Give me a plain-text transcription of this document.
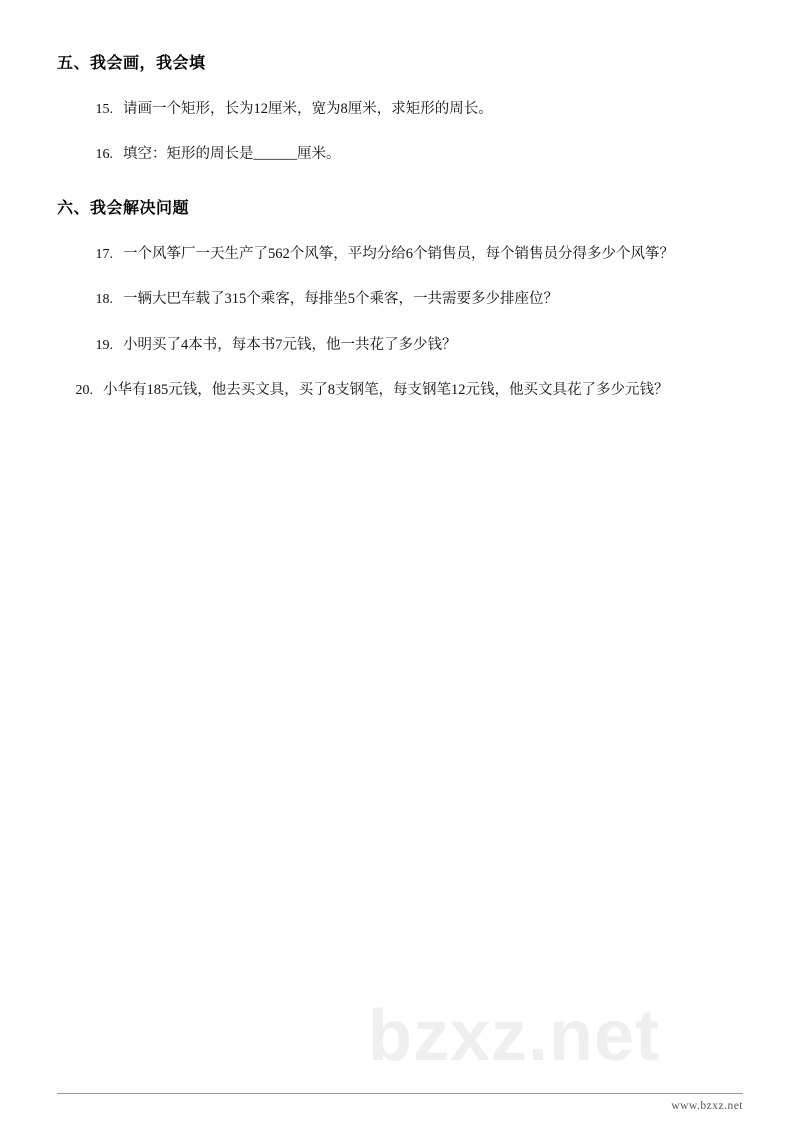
五、我会画，我会填
15. 请画一个矩形，长为12厘米，宽为8厘米，求矩形的周长。
16. 填空：矩形的周长是______厘米。
六、我会解决问题
17. 一个风筝厂一天生产了562个风筝，平均分给6个销售员，每个销售员分得多少个风筝？
18. 一辆大巴车载了315个乘客，每排坐5个乘客，一共需要多少排座位？
19. 小明买了4本书，每本书7元钱，他一共花了多少钱？
20. 小华有185元钱，他去买文具，买了8支钢笔，每支钢笔12元钱，他买文具花了多少元钱？
bzxz.net
www.bzxz.net
